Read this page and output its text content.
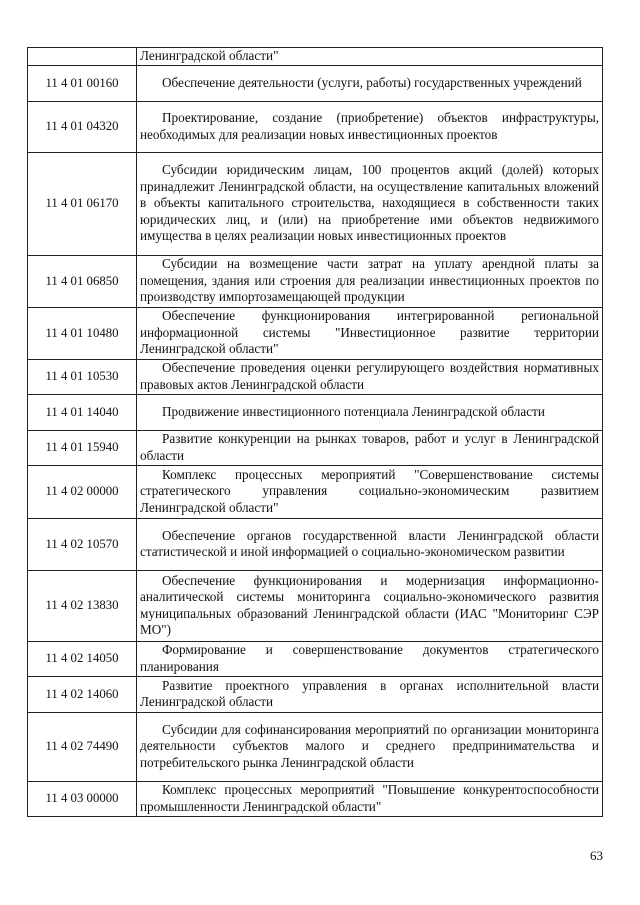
	Ленинградской области"

11 4 01 00160	Обеспечение деятельности (услуги, работы) государственных учреждений

11 4 01 04320	Проектирование, создание (приобретение) объектов инфраструктуры, необходимых для реализации новых инвестиционных проектов

11 4 01 06170	Субсидии юридическим лицам, 100 процентов акций (долей) которых принадлежит Ленинградской области, на осуществление капитальных вложений в объекты капитального строительства, находящиеся в собственности таких юридических лиц, и (или) на приобретение ими объектов недвижимого имущества в целях реализации новых инвестиционных проектов

11 4 01 06850	Субсидии на возмещение части затрат на уплату арендной платы за помещения, здания или строения для реализации инвестиционных проектов по производству импортозамещающей продукции

11 4 01 10480	Обеспечение функционирования интегрированной региональной информационной системы "Инвестиционное развитие территории Ленинградской области"

11 4 01 10530	Обеспечение проведения оценки регулирующего воздействия нормативных правовых актов Ленинградской области

11 4 01 14040	Продвижение инвестиционного потенциала Ленинградской области

11 4 01 15940	Развитие конкуренции на рынках товаров, работ и услуг в Ленинградской области

11 4 02 00000	Комплекс процессных мероприятий "Совершенствование системы стратегического управления социально-экономическим развитием Ленинградской области"

11 4 02 10570	Обеспечение органов государственной власти Ленинградской области статистической и иной информацией о социально-экономическом развитии

11 4 02 13830	Обеспечение функционирования и модернизация информационно-аналитической системы мониторинга социально-экономического развития муниципальных образований Ленинградской области (ИАС "Мониторинг СЭР МО")

11 4 02 14050	Формирование и совершенствование документов стратегического планирования

11 4 02 14060	Развитие проектного управления в органах исполнительной власти Ленинградской области

11 4 02 74490	Субсидии для софинансирования мероприятий по организации мониторинга деятельности субъектов малого и среднего предпринимательства и потребительского рынка Ленинградской области

11 4 03 00000	Комплекс процессных мероприятий "Повышение конкурентоспособности промышленности Ленинградской области"
63
